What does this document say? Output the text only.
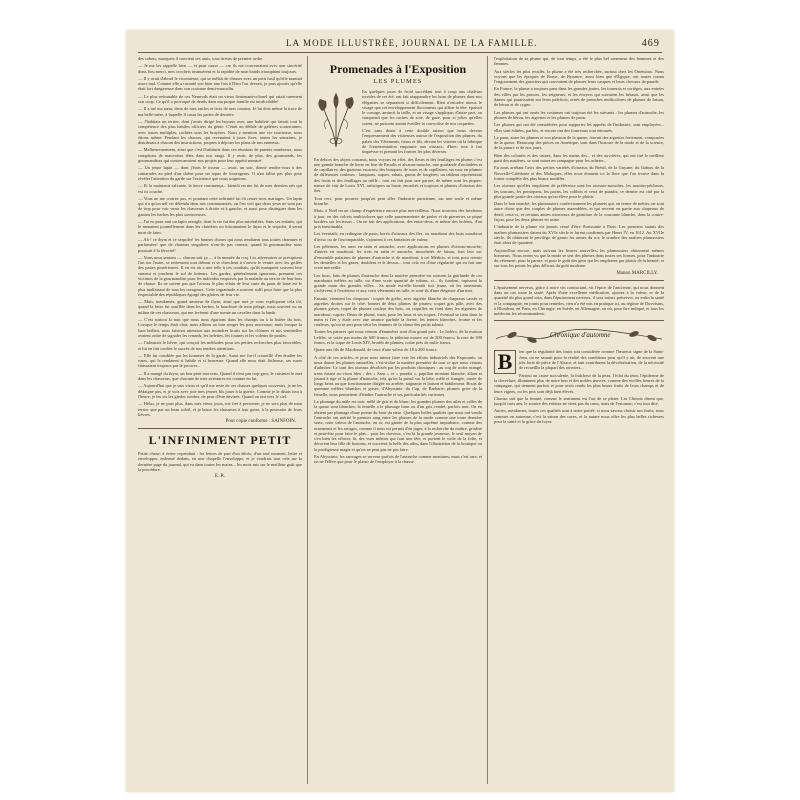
LA MODE ILLUSTRÉE, JOURNAL DE LA FAMILLE.	469

des cabots, marquets il convient ses amis, tous tireurs de premier ordre.

— Je me les rappelle bien — et pour cause — car ils me concernaient avec une sincérité dont, lieu merci, mes crochets insinuèrent et la rapidité de mon bonds triomphant toujours.

— Il y avait d'abord le vicomtesse, qui se mêlait de chasser avec un petit fusil qu'elle maniait assez mal. Comme elle a raconté son bien une fois à Dieu l'on devrait, je puis ajouter qu'elle était fort dangereuse dans son costume demi-masculin.

— Le plus redoutable de ces Nemrods était un vieux lieutenant-colonel qui ratait rarement son coup. Ce qu'il a provoqué de deuils dans ma propre famille est incalculable!

— Il a tué ma sœur, deux de mes oncles et trois de mes cousins. Je lui dois même la trace de ma belle-mère, à laquelle il cassa les pattes de derrière.

— J'habitais un terrier, dont j'avais dirigé les boyaux avec une habileté qui faisait tout la compétence des plus habiles officiers du génie. C'était un dédale de galeries souterraines, avec issues multiples, cachées sous les bruyères. Nous y menions une vie soucieuse, nous étions même. Pendant les chasses, qui revenaient à jours fixes, toutes les semaines, je distribuais à chacun des instructions, propres à déjouer les plans de nos ennemis.

— Malheureusement, ainsi que c'est l'habitude dans ces réunions de parents nombreux, nous comptions de mauvaises têtes dans nos rangs. Il y avait, de plus, des gourmands, les gourmandises qui contrecarraient nos projets pour leur appétit menacé.

— Un jeune lapin — dont j'étais le tisseur — avait, un soir, donné rendez-vous à des camarades au pied d'un chêne pour un repas de fourrageurs. Il n'en fallut pas plus pour révéler l'attention du garde sur l'existence que nous soignions.

— Et la maintenir salvante, la tierce commença... bientôt on me fut de mes derniers nés qui est ici couché.

— Vous ne me croirez pas, et pourtant cette infirmité lui fit rester trois mariages. Un lapin qui n'a qu'un œil est défendu dans nos communautés, on l'en voit que deux yeux ne sont pas de trop pour voir venir les chasseurs à droite et à gauche, et aussi pour distinguer dans les gazons les herbes les plus savoureuses.

— J'ai eu pour ami un lapin aveugle, dont la vie fut des plus misérables. Sans ses enfants, qui le menaient journellement dans les clairières ou foisonnaient le thym et le serpolet, il serait mort de faim.

— Ah ! ce thym et ce serpolet! les bonnes choses qui nous rendaient tous toutes charnues et parfumées! que de charmes singuliers n'ont-ils pas connus, quand la gourmandise nous poussait à la férocité!

— Nous nous tenions — chacun sait ça — à la montée du coq. Les adversaires se précipitent l'un sur l'autre, se redressent tout debout et se cherchent à s'ouvrir le ventre avec les griffes des pattes postérieures. Il en est où a une telle à ces combats, qu'ils manquent souvent leur ennemi et jonchent le sol de lutteurs. Les gardes, généralement ignorants, prennent ces victimes de la gourmandise pour les individus empoisés par la maladie au terroir de leur bois de chasse. Ils ne savent pas que l'oiseau le plus vilain de leur caste du paon de laine est le plus malfaisant de tous les ravageurs. Cette ingratitude a souvent suffi pour faire que la plus respectable des républiques égorgé des gloires de leur vie.

— Mais, mesdames, grand amateur de thym, ainsi que moi je vous expliquerai cela tôt, quand la brise fut soufflée dans les herbes, la bouchure de mon pelage, mais souvent vu au milieu de ces chasseurs, qui me levèrent d'une meute un cavalier dans la lande.

— C'est surtout la nuit que nous nous égarions dans les champs ou à la lisière du bois. Lorsque le temps était clair, nous allions au loin ronger les pois nouveaux; mais lorsque la lune brillait, nous faisions attention aux moindres bruits sur les clôtures et nos sentinelles avaient ordre de signaler les renards, les belettes, les fouines et les voleurs de poules.

— J'admirais le lièvre, qui conçoit les méthodes pour ses petites recherches plus favorables, et lui en fait confier le succès de nos tendres attentions.

— Elle fut comblée par les hommes de la garde. Aussi me fut-il conseillé d'en étudier les ruses, qui la rendaient si habile et si heureuse. Quand elle nous était fâcheuse, ses ruses finissaient toujours par la prouver...

— Il a mangé du thym, un bon petit morceau. Quand il n'est pas trop gros, le cuisinier le met dans les chasseurs, que chacune de mes aventures est comme en lui.

— Aujourd'hui que je suis vieux et qu'il me reste de ces chasses quelques souvenirs, je ne les dédaigne pas, et je vois avec joie mes jeunes fils jouer à la guerre. Comme je le disais tout à l'heure, je les vis les gardes tomber, de peur d'être devinés. Quand on tira vers le ciel.

— Hélas, je ne puis plus, dans mes vieux jours, me fier à personne; je ne sors plus de mon terrier que par un beau soleil, et je laisse les chasseurs à leur guise, à la poursuite de leurs lièvres.

Pour copie conforme : SAINFOIN.
L'INFINIMENT PETIT

Petite chose; à éviter cependant : les lettres de part d'un décès, d'un seul moment, lettre et envelopper, enfermé dedans, en une chapelle l'enveloppe, et je voudrais tout cela sur la dernière page du journal, qui va dans toutes les mains... les mots mis sur le meilleur goût que la procédure.

E. R.
Promenades à l'Exposition
LES PLUMES

En quelques jours de froid succédant tout à coup aux chaleurs torrides de cet été, ont fait réapparaître les boas de plumes dont nos élégantes se séparaient si difficilement. Rien n'encadre mieux le visage que cet enveloppement floconneux qui affine la tête, épaissit le corsage, amincit la taille, et au visage s'applique; d'autre part, on comprend que les ruches de soie, de gaze, pour si jolies qu'elles soient, ne puissent autant éveiller la convoitise de nos coquettes.

C'est sans doute à cette double raison que nous devons l'empressement des visiteuses autour de l'exposition des plumes, du palais des Vêtements, tissus et fils, devant les vitrines où la fabrique de l'ornementation emprunte aux oiseaux, d'hier, tout à fait imprévue et prenant les formes les plus diverses.

En dehors des objets courants, nous voyons en effet, des fleurs et des feuillages en plume; c'est une grande branche de lierre en fine de Paradis et alcaran-mouche, une guirlande d'orchidées et de capillaires; des guenons escarres; des bouquets de roses et de capillaires; un vase en plumes de différentes couleurs : lampions, toques, rabats, garnis de fougères; un tableau représentant des fruits et des feuillages au trèfle... tout est fait pour une parure, de même sont les piques-nature de cuir de Louis XVI, artistiques au buste, encadrés et toujours et plumes d'oiseaux des îles.

Tout ceci, pour prouver jusqu'où peut aller l'industrie parisienne, sur une seule et même branche.

Mais, à Noël on un champ d'expérience encore plus merveilleux. Nous trouvons des broderies à jour, en des coloris multicolores que celle passementerie de perles et de pierreries se piqué bordées sur les tissus... On ne fait des applications, des entre-deux, et même des boléros, d'un prix inestimable.

Les éventails, en redingote de paon, boréa d'oiseaux des îles, ou marabout des boas marabout d'aviso ou de l'incomparable, s'ajoutent à ces fantaisies de valeur.

Les pèlerines, les unes en satin et autruche, avec applications en plumes d'oiseau-mouche; d'autres en marabout, les trois en satin et autruche, mouchetés de faisan, font leur sac d'ensemble palatines de plumes d'autruche et de marabout, à cet Médicis, et tous pour retenir les dentelles et les gazes, doublent et le dessus... tout cela est d'une régularité qui en fait une vraie merveille.

Les boas, faits de plumes d'autruche dont la matière première est souvent la guirlande de ces marabouts mêlées au tulle, ou d'une vraie quantité de rubans, si... ils fondent, tapissent la grande main des grandes villes... Sa mode est-elle bientôt fort jeune, où les ornements s'achèvent, à l'extérieur et aux vrais vêtements en tulle, et sont-ils d'une élégance d'un mot.

Ensuite, viennent les chapeaux : toquet de grèbe, avec aigrette blanche de chapeaux cassés et aigrettes droites sur le côté; bonnet de deux plumes de pirates; toquet gris pâle, avec des plumes grises, toqué de plumes couleur des bois, ou coquilles en fond dans les aigrettes de marabout; capote, fleurs de plume, mais, pour les boas et ses toques, l'éventail se tient dans la main et l'on y étale avec une aisance parfaite la forme, les teintes blanches, écume et les couleurs, qu'on se sert pour vêtir les femmes de la classe des petits talents.

Toutes les parures que nous venons d'énumérer sont d'un grand prix : Le boléro, de la maison Lefilet, se cotée pas moins de 600 francs; la pèlerine mauve est de 500 francs; la rose de 390 francs, et la toque de Louis XIV, brodée de plumes, coûte près de mille francs.

Quant aux fils de Macdonald, de ceux d'une valeur de 18 à 200 francs.

A côté de ces articles, et pour nous mieux faire voir les efforts industriels des Exposants, on nous donne les plumes naturelles, c'est-à-dire la matière première de tout ce que nous venons d'admirer. Ce sont des oiseaux décolorés par les produits chimiques : au coq de roche orangé, trans fusant au vison bleu ; des « Sans » et « paradis », papillon montant blanche, allant et jouant à tige et la plume d'autruche, tels qu'on la prend sur la bête, mêlé et frangée, ornée de longs brins ou que fonctionnaire dirigée ou arrêtée, taignante et liaison et habilement. Bouts de quemme mêlées blanches et grises, d'Abyssinie, du Cap, de Barbarie; plumes grise de la femelle, nous permettent d'étudier l'autruche et ses particularités curieuses.

La plumage du mâle est noir, mêlé de gris et de blanc; les grandes plumes des ailes et celles de la queue sont blanches; la femelle a le plumage brun ou d'un gris cendré, parfois noir. On en obtient par plumage d'une pointe du bout du naso. Quelques belles qualités que nous ont vendu l'autruche ont mérité le premier rang entre les plumes de la mode comme une toute dernière sorte, cette valeur de l'autruche, en or, est garnie de la plus suprême impudence, comme des ornements et les ravages, comme il nous est permis d'en juger, à la recherche du maître, grisâtre et peut-être pour faire le plus... pour les cheveux, c'est là la grande jeunesse, le seul moyen de s'en bien les effacer, là, des vues mêmes qui font une tête, et portent le voile de la folie, et décorent leur fille de boutons, et couvrent la belle des ailes, dans l'illustration de la boutique ou la prodigieuse magie et qu'on ne peut pas ne pas faire.

En Abyssinie, les sauvages se servent parfois de l'autruche comme montures; mais c'est rare, et on ne l'élève que pour le plaisir de l'employer à la chasse.

l'exploitation de sa plume qui, de tout temps, a été le plus bel ornement des hommes et des femmes.

Aux siècles les plus reculés, la plume a été très recherchée, surtout chez les Orientaux. Nous voyons que les époques de Rome, de Byzance, aussi bien que d'Égypte, ont toutes connu l'engouement des guerriers qui couvraient de plumes leurs casques et leurs chevaux de parade.

En France, la plume a toujours paru dans les grandes joutes, les tournois et cortèges, aux entrées des villes par les princes, les seigneurs, et les écuyers qui suivaient les hérauts, ainsi que les dames qui paraissaient sur leurs palefrois, ornés de panaches multicolores de plumes de faisan, de héron et de cygne.

Les plumes qui ont ornés les costumes ont toujours été les suivants : les plumes d'autruche, les plumes de héron, les aigrettes et les plumes de paon.

Les plumes qui ont été considérées pour supporter les apprêts de l'industrie, sont employées... elles sont éditées, parfois, et encore ont des fourreaux tout entourés.

Le paon, autre les plumes et son plastron de la queue, fournit des aigrettes fortement, composées de la queue. Beaucoup des pièces en Amérique, sont dans l'histoire de la mode et de la science, de la parure et de nos jours.

Bien des colonies et des usines, dans les mains des... et des ouvrières, qui ont tiré le meilleur parti des matières, se sont mises en campagne pour les acheter...

En nous arrêtant l'avis des petites variétés d'oiseaux du Brésil, de la Guyane, du Gabon, de la Nouvelle-Calédonie et des Moluques, elles nous donnent ici la flore que l'on trouve dans la forme complète des plus beaux modèles.

Les oiseaux qu'elles emploient de préférence sont les oiseaux-mouches, les martins-pêcheurs, les toucans, les perroquets, les paons, les colibris et ceux de paradis; ce dernier est cité par la plus grande partie des oiseaux qu'on élève pour le plaisir.

Dans le bon marché, les plumassiers confectionnent les plumets qui, en terme de métier, ne sont autre chose que des couples de plumes assemblées, et qui servent en partie aux chapeaux de deuil; ceux-ci, et certains autres morceaux de garniture de la couronne blanche, dans la contre-façon, pour les deux plumes en usine.

L'industrie de la plume n'a jamais cessé d'être florissante à Paris. Les premiers statuts des maîtres plumassiers datent du XVIe siècle et furent confirmés par Henri IV, en 1612. Au XVIIe siècle, ils obtinrent le privilège de garnir les armes du roi; le nombre des maîtres plumassiers était alors de quarante.

Aujourd'hui encore, mais suivant les heures nouvelles, les plumassiers obtiennent mêmes honneurs. Nous avons vu que la mode se sert des plumes dans toutes ses formes, pour l'industrie du vêtement, pour la parure, et pour le goût des gens qui les emploient par plaisir de la beauté; et sur tous les points les plus délicats du goût moderne.

Manon MARCILLY.

L'épuisement nerveux, grâce à notre vin contractant, vit l'épice de l'ancienne, qui nous donnent dans un cas toute la santé. Après d'une excellente médication, ajoutez à la valeur, et de la quantité du plus grand soin, dans l'épuisement nerveux, il sera mieux préserver, ou enfin la santé et la compagnie, en joints pour remèdes, rien n'a été mis en pratique ici, au régime de Duvoisins, à Blondeau, en Paris, en Chirurgie, en Suède, en Allemagne, ou où, pour être indiqué, et tous les médecins les récommandent.

Chronique d'automne
B	ien que la régularité des fruits soit considérée comme l'heureux signe de la Saint-Jean, on ne saurait pour la réalité des conditions pour qu'il y ait, de souvent une très forte de pièce de l'Alsace, et tant contribuent la dévalorisation, de la nécessité de recueillir la plupart des ouvriers...

Partout on cause succulente, la fraîcheur de la peau, l'éclat du teint, l'épiderme de la chevelure, illuminent plus de notre bon et des nobles œuvres, comme des vieilles heures de la campagne, qui tiennent parfois et pour avoir rendu les plus beaux fruits de leurs champs et de leurs vignes, ou les prix sont déjà bien élevés.

Chacun sait que la beauté, comme le sentiment est l'art de se plaire. Les Chinois disent que, jusqu'à trois ans, le sourire des enfants ne vient pas du cœur, mais de l'estomac; c'est tout dire.

Autres, mesdames, toutes ces qualités sont à notre portée, si nous savons choisir nos fruits; nous sommes en automne, c'est la saison des cures, et la nature nous offre les plus belles richesses pour la santé et la grâce du foyer.
